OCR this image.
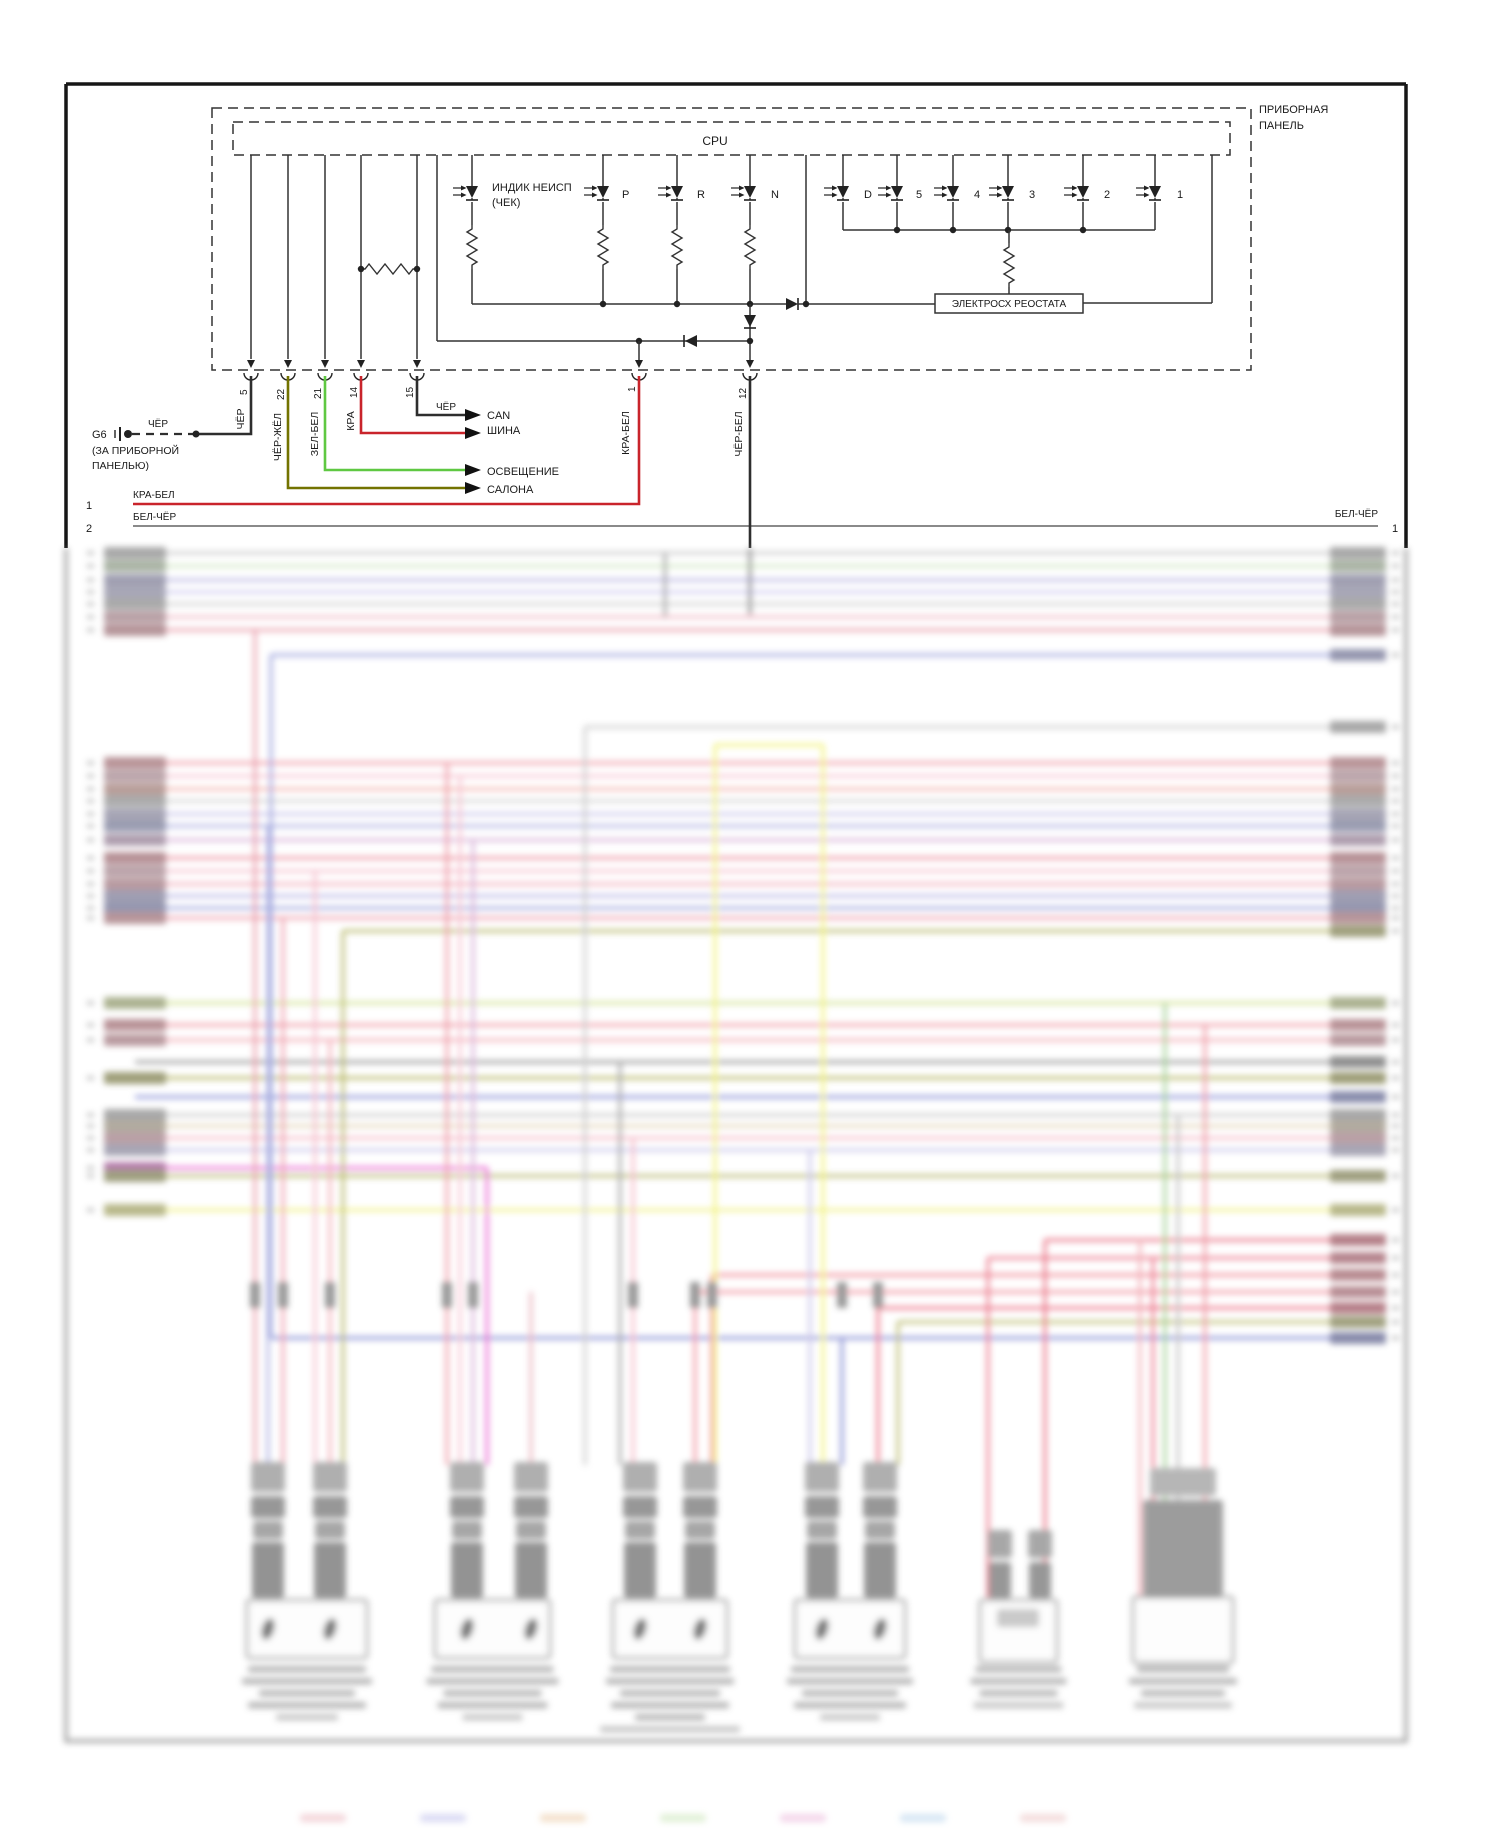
ПРИБОРНАЯ
ПАНЕЛЬ
CPU
ИНДИК НЕИСП
(ЧЕК)
P	R	N	D	5	4	3	2	1
ЭЛЕКТРОСХ РЕОСТАТА
5	22	21	14	15	1	12
ЧЁР ЧЁР-ЖЁЛ ЗЕЛ-БЕЛ КРА	КРА-БЕЛ	ЧЁР-БЕЛ
ЧЁР
CAN
ШИНА
ОСВЕЩЕНИЕ
САЛОНА
G6
ЧЁР
(ЗА ПРИБОРНОЙ
ПАНЕЛЬЮ)
1
КРА-БЕЛ
2
БЕЛ-ЧЁР	БЕЛ-ЧЁР
1
